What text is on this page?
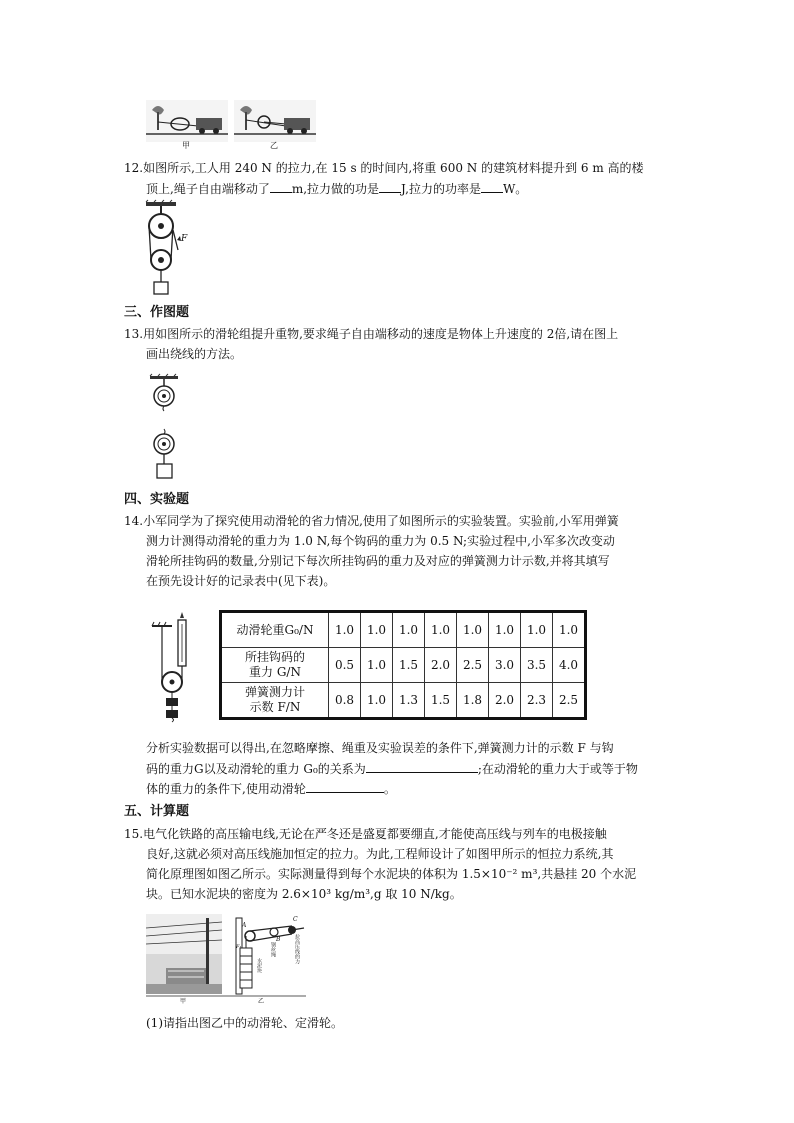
甲	乙
12.如图所示,工人用 240 N 的拉力,在 15 s 的时间内,将重 600 N 的建筑材料提升到 6 m 高的楼
顶上,绳子自由端移动了 m,拉力做的功是 J,拉力的功率是 W。
F
三、作图题
13.用如图所示的滑轮组提升重物,要求绳子自由端移动的速度是物体上升速度的 2倍,请在图上
画出绕线的方法。
四、实验题
14.小军同学为了探究使用动滑轮的省力情况,使用了如图所示的实验装置。实验前,小军用弹簧
测力计测得动滑轮的重力为 1.0 N,每个钩码的重力为 0.5 N;实验过程中,小军多次改变动
滑轮所挂钩码的数量,分别记下每次所挂钩码的重力及对应的弹簧测力计示数,并将其填写
在预先设计好的记录表中(见下表)。
动滑轮重G₀/N	1.0	1.0	1.0	1.0	1.0	1.0	1.0	1.0

所挂钩码的
重力 G/N	0.5	1.0	1.5	2.0	2.5	3.0	3.5	4.0

弹簧测力计
示数 F/N	0.8	1.0	1.3	1.5	1.8	2.0	2.3	2.5
分析实验数据可以得出,在忽略摩擦、绳重及实验误差的条件下,弹簧测力计的示数 F 与钩
码的重力G以及动滑轮的重力 G₀的关系为	;在动滑轮的重力大于或等于物
体的重力的条件下,使用动滑轮	。
五、计算题
15.电气化铁路的高压输电线,无论在严冬还是盛夏都要绷直,才能使高压线与列车的电极接触
良好,这就必须对高压线施加恒定的拉力。为此,工程师设计了如图甲所示的恒拉力系统,其
简化原理图如图乙所示。实际测量得到每个水泥块的体积为 1.5×10⁻² m³,共悬挂 20 个水泥
块。已知水泥块的密度为 2.6×10³ kg/m³,g 取 10 N/kg。
A
B
C
F₁	钢丝绳
水泥块
拉高压线的力
甲	乙
(1)请指出图乙中的动滑轮、定滑轮。
